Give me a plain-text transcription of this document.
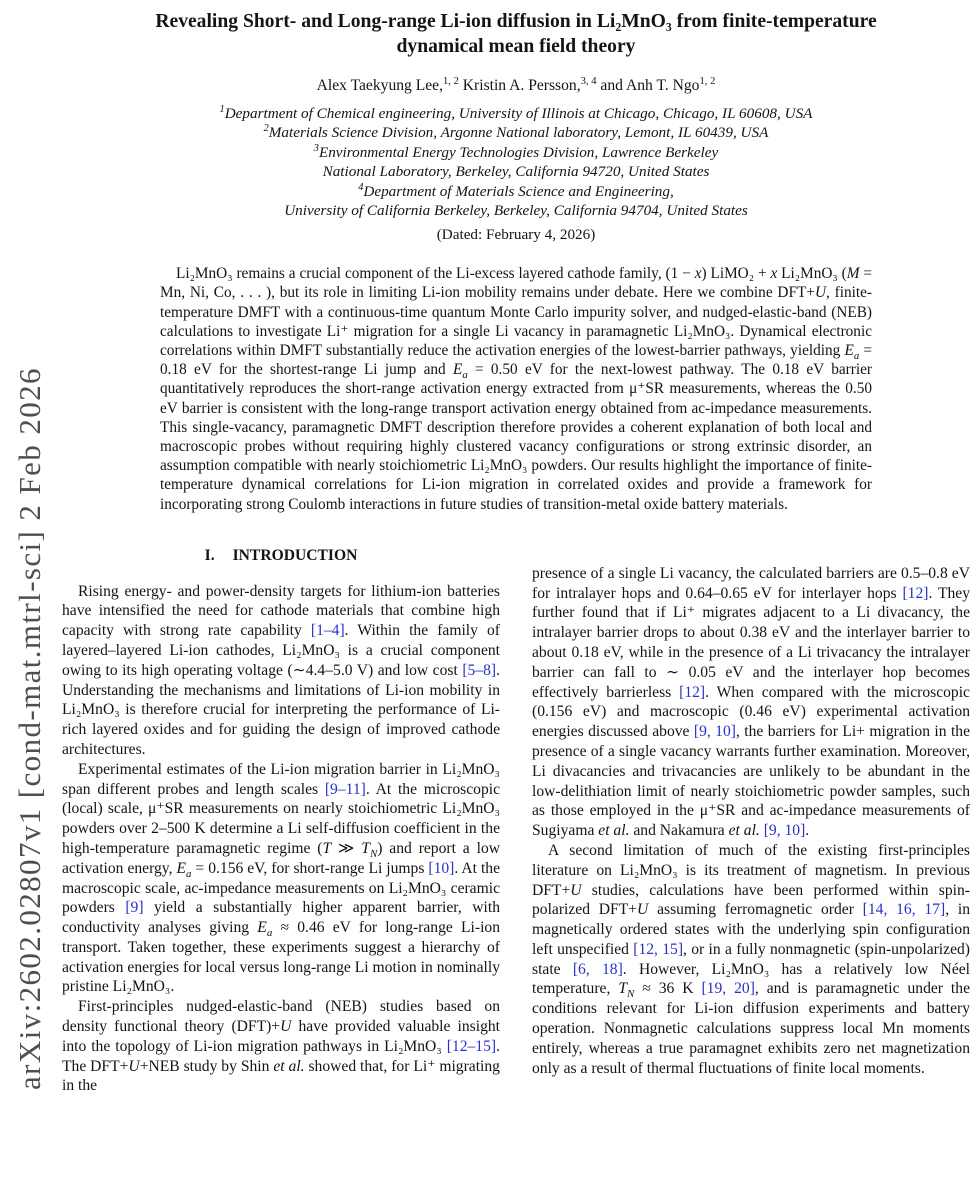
arXiv:2602.02807v1 [cond-mat.mtrl-sci] 2 Feb 2026
Revealing Short- and Long-range Li-ion diffusion in Li₂MnO₃ from finite-temperature
dynamical mean field theory
Alex Taekyung Lee,$^{1, 2}$ Kristin A. Persson,$^{3, 4}$ and Anh T. Ngo$^{1, 2}$
$^1$Department of Chemical engineering, University of Illinois at Chicago, Chicago, IL 60608, USA
$^2$Materials Science Division, Argonne National laboratory, Lemont, IL 60439, USA
$^3$Environmental Energy Technologies Division, Lawrence Berkeley
National Laboratory, Berkeley, California 94720, United States
$^4$Department of Materials Science and Engineering,
University of California Berkeley, Berkeley, California 94704, United States
(Dated: February 4, 2026)

Li₂MnO₃ remains a crucial component of the Li-excess layered cathode family, (1 − x) LiMO₂ + x Li₂MnO₃ (M = Mn, Ni, Co, . . . ), but its role in limiting Li-ion mobility remains under debate. Here we combine DFT+U, finite-temperature DMFT with a continuous-time quantum Monte Carlo impurity solver, and nudged-elastic-band (NEB) calculations to investigate Li⁺ migration for a single Li vacancy in paramagnetic Li₂MnO₃. Dynamical electronic correlations within DMFT substantially reduce the activation energies of the lowest-barrier pathways, yielding $E_a = 0.18$ eV for the shortest-range Li jump and $E_a = 0.50$ eV for the next-lowest pathway. The 0.18 eV barrier quantitatively reproduces the short-range activation energy extracted from μ⁺SR measurements, whereas the 0.50 eV barrier is consistent with the long-range transport activation energy obtained from ac-impedance measurements. This single-vacancy, paramagnetic DMFT description therefore provides a coherent explanation of both local and macroscopic probes without requiring highly clustered vacancy configurations or strong extrinsic disorder, an assumption compatible with nearly stoichiometric Li₂MnO₃ powders. Our results highlight the importance of finite-temperature dynamical correlations for Li-ion migration in correlated oxides and provide a framework for incorporating strong Coulomb interactions in future studies of transition-metal oxide battery materials.

I. INTRODUCTION

Rising energy- and power-density targets for lithium-ion batteries have intensified the need for cathode materials that combine high capacity with strong rate capability [1–4]. Within the family of layered–layered Li-ion cathodes, Li₂MnO₃ is a crucial component owing to its high operating voltage (∼4.4–5.0 V) and low cost [5–8]. Understanding the mechanisms and limitations of Li-ion mobility in Li₂MnO₃ is therefore crucial for interpreting the performance of Li-rich layered oxides and for guiding the design of improved cathode architectures.

Experimental estimates of the Li-ion migration barrier in Li₂MnO₃ span different probes and length scales [9–11]. At the microscopic (local) scale, μ⁺SR measurements on nearly stoichiometric Li₂MnO₃ powders over 2–500 K determine a Li self-diffusion coefficient in the high-temperature paramagnetic regime (T ≫ $T_N$) and report a low activation energy, $E_a = 0.156$ eV, for short-range Li jumps [10]. At the macroscopic scale, ac-impedance measurements on Li₂MnO₃ ceramic powders [9] yield a substantially higher apparent barrier, with conductivity analyses giving $E_a \approx 0.46$ eV for long-range Li-ion transport. Taken together, these experiments suggest a hierarchy of activation energies for local versus long-range Li motion in nominally pristine Li₂MnO₃.

First-principles nudged-elastic-band (NEB) studies based on density functional theory (DFT)+U have provided valuable insight into the topology of Li-ion migration pathways in Li₂MnO₃ [12–15]. The DFT+U+NEB study by Shin et al. showed that, for Li⁺ migrating in the

presence of a single Li vacancy, the calculated barriers are 0.5–0.8 eV for intralayer hops and 0.64–0.65 eV for interlayer hops [12]. They further found that if Li⁺ migrates adjacent to a Li divacancy, the intralayer barrier drops to about 0.38 eV and the interlayer barrier to about 0.18 eV, while in the presence of a Li trivacancy the intralayer barrier can fall to ∼ 0.05 eV and the interlayer hop becomes effectively barrierless [12]. When compared with the microscopic (0.156 eV) and macroscopic (0.46 eV) experimental activation energies discussed above [9, 10], the barriers for Li+ migration in the presence of a single vacancy warrants further examination. Moreover, Li divacancies and trivacancies are unlikely to be abundant in the low-delithiation limit of nearly stoichiometric powder samples, such as those employed in the μ⁺SR and ac-impedance measurements of Sugiyama et al. and Nakamura et al. [9, 10].

A second limitation of much of the existing first-principles literature on Li₂MnO₃ is its treatment of magnetism. In previous DFT+U studies, calculations have been performed within spin-polarized DFT+U assuming ferromagnetic order [14, 16, 17], in magnetically ordered states with the underlying spin configuration left unspecified [12, 15], or in a fully nonmagnetic (spin-unpolarized) state [6, 18]. However, Li₂MnO₃ has a relatively low Néel temperature, $T_N \approx 36$ K [19, 20], and is paramagnetic under the conditions relevant for Li-ion diffusion experiments and battery operation. Nonmagnetic calculations suppress local Mn moments entirely, whereas a true paramagnet exhibits zero net magnetization only as a result of thermal fluctuations of finite local moments.
